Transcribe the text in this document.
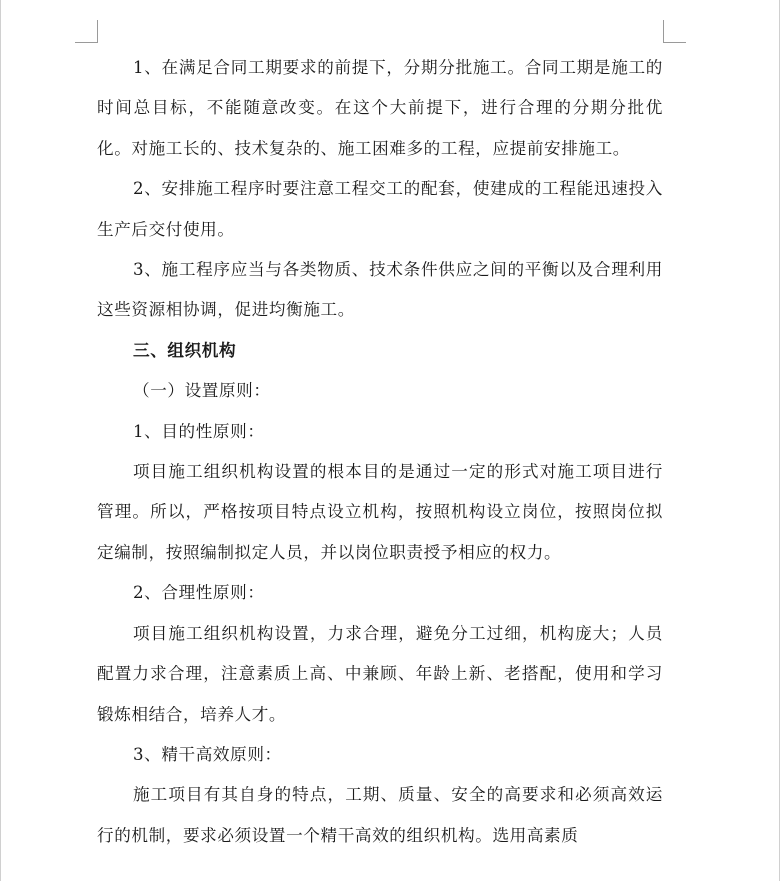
1、在满足合同工期要求的前提下，分期分批施工。合同工期是施工的时间总目标，不能随意改变。在这个大前提下，进行合理的分期分批优化。对施工长的、技术复杂的、施工困难多的工程，应提前安排施工。

2、安排施工程序时要注意工程交工的配套，使建成的工程能迅速投入生产后交付使用。

3、施工程序应当与各类物质、技术条件供应之间的平衡以及合理利用这些资源相协调，促进均衡施工。

三、组织机构

（一）设置原则：

1、目的性原则：

项目施工组织机构设置的根本目的是通过一定的形式对施工项目进行管理。所以，严格按项目特点设立机构，按照机构设立岗位，按照岗位拟定编制，按照编制拟定人员，并以岗位职责授予相应的权力。

2、合理性原则：

项目施工组织机构设置，力求合理，避免分工过细，机构庞大；人员配置力求合理，注意素质上高、中兼顾、年龄上新、老搭配，使用和学习锻炼相结合，培养人才。

3、精干高效原则：

施工项目有其自身的特点，工期、质量、安全的高要求和必须高效运行的机制，要求必须设置一个精干高效的组织机构。选用高素质
